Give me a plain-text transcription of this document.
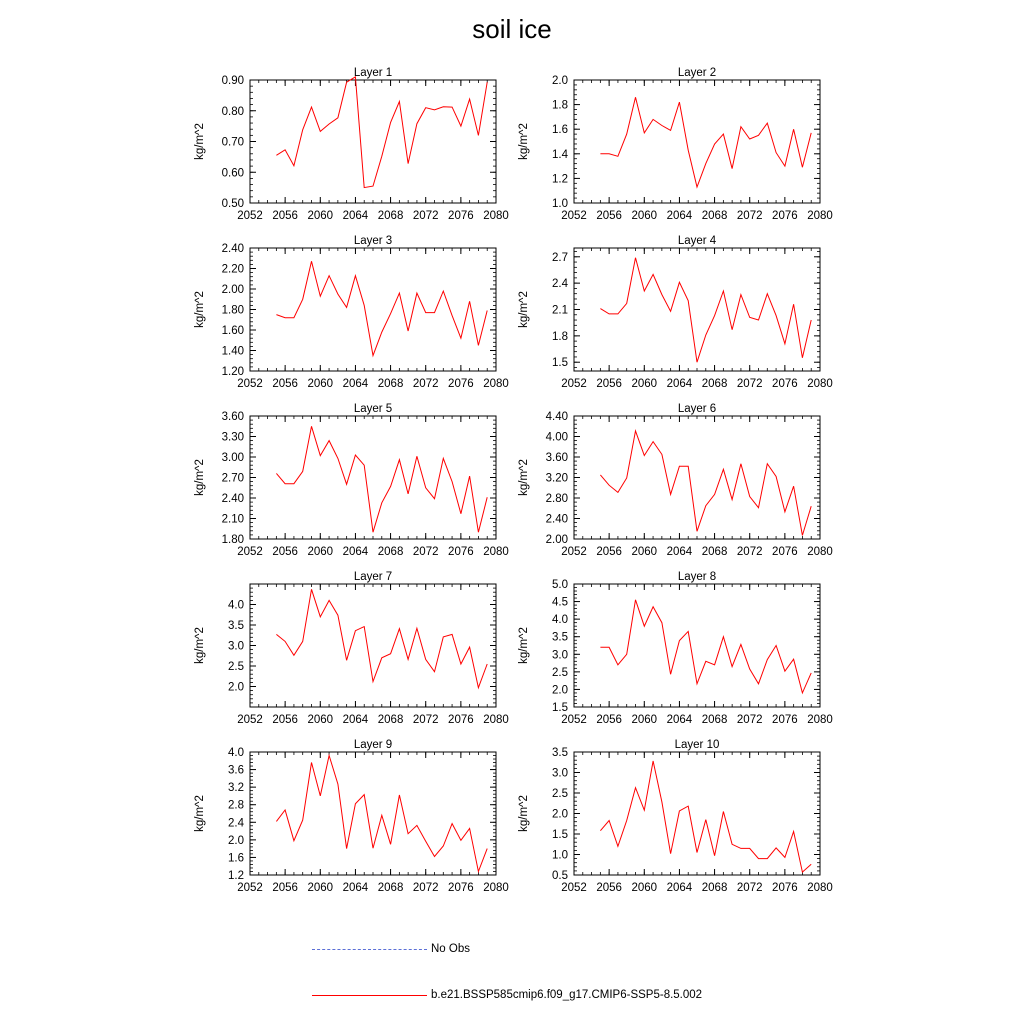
soil ice
Layer 1
kg/m^2
2052 2056 2060 2064 2068 2072 2076 2080
0.50
0.60
0.70
0.80
0.90
Layer 2
kg/m^2
2052 2056 2060 2064 2068 2072 2076 2080
1.0
1.2
1.4
1.6
1.8
2.0
Layer 3
kg/m^2
2052 2056 2060 2064 2068 2072 2076 2080
1.20
1.40
1.60
1.80
2.00
2.20
2.40
Layer 4
kg/m^2
2052 2056 2060 2064 2068 2072 2076 2080
1.5
1.8
2.1
2.4
2.7
Layer 5
kg/m^2
2052 2056 2060 2064 2068 2072 2076 2080
1.80
2.10
2.40
2.70
3.00
3.30
3.60
Layer 6
kg/m^2
2052 2056 2060 2064 2068 2072 2076 2080
2.00
2.40
2.80
3.20
3.60
4.00
4.40
Layer 7
kg/m^2
2052 2056 2060 2064 2068 2072 2076 2080
2.0
2.5
3.0
3.5
4.0
Layer 8
kg/m^2
2052 2056 2060 2064 2068 2072 2076 2080
1.5
2.0
2.5
3.0
3.5
4.0
4.5
5.0
Layer 9
kg/m^2
2052 2056 2060 2064 2068 2072 2076 2080
1.2
1.6
2.0
2.4
2.8
3.2
3.6
4.0
Layer 10
kg/m^2
2052 2056 2060 2064 2068 2072 2076 2080
0.5
1.0
1.5
2.0
2.5
3.0
3.5
No Obs
b.e21.BSSP585cmip6.f09_g17.CMIP6-SSP5-8.5.002
